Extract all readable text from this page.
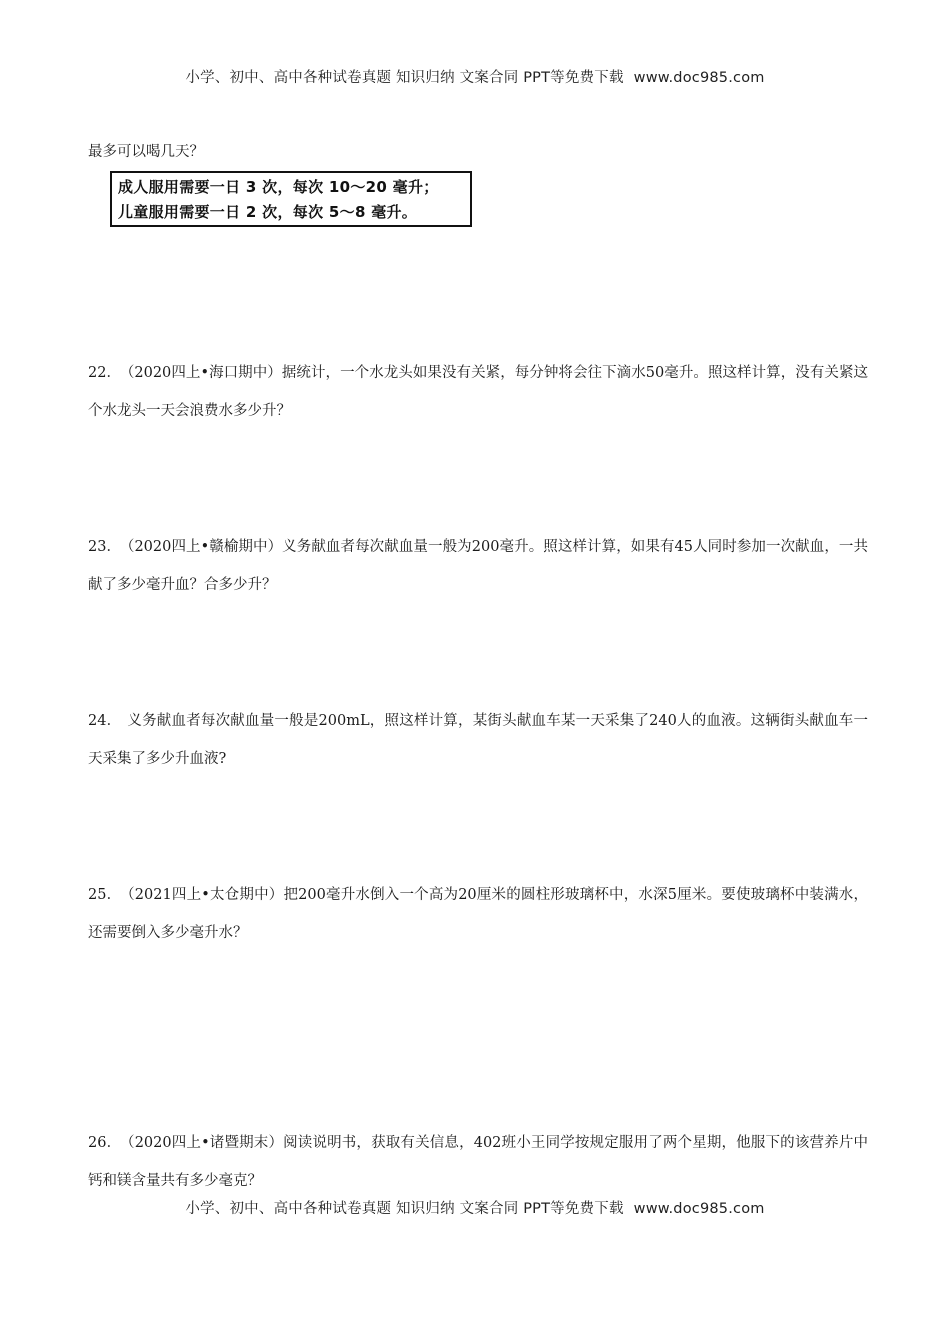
小学、初中、高中各种试卷真题 知识归纳 文案合同 PPT等免费下载 www.doc985.com
最多可以喝几天？
成人服用需要一日 3 次，每次 10～20 毫升；
儿童服用需要一日 2 次，每次 5～8 毫升。
22． （2020四上•海口期中）据统计，一个水龙头如果没有关紧，每分钟将会往下滴水50毫升。照这样计算，没有关紧这个水龙头一天会浪费水多少升？
23． （2020四上•赣榆期中）义务献血者每次献血量一般为200毫升。照这样计算，如果有45人同时参加一次献血，一共献了多少毫升血？合多少升？
24． 义务献血者每次献血量一般是200mL，照这样计算，某街头献血车某一天采集了240人的血液。这辆街头献血车一天采集了多少升血液?
25． （2021四上•太仓期中）把200毫升水倒入一个高为20厘米的圆柱形玻璃杯中，水深5厘米。要使玻璃杯中装满水，还需要倒入多少毫升水？
26． （2020四上•诸暨期末）阅读说明书，获取有关信息，402班小王同学按规定服用了两个星期，他服下的该营养片中钙和镁含量共有多少毫克？
小学、初中、高中各种试卷真题 知识归纳 文案合同 PPT等免费下载 www.doc985.com
